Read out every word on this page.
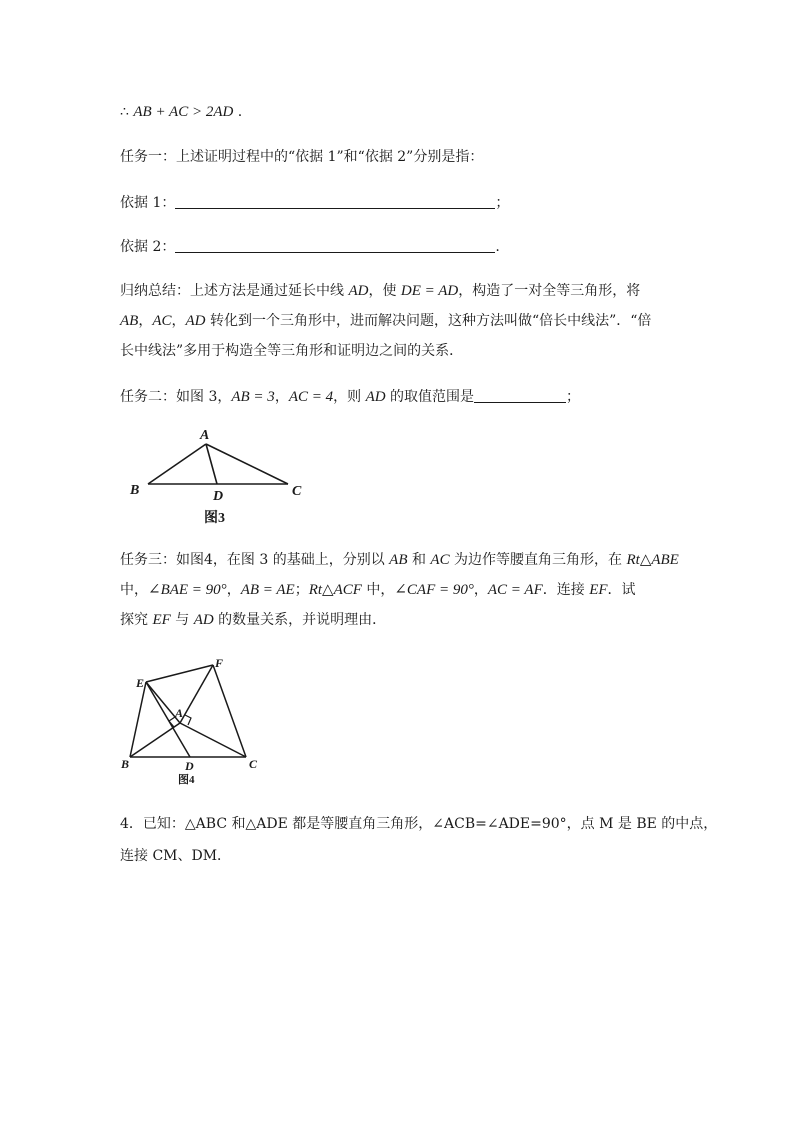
∴ AB + AC > 2AD .
任务一：上述证明过程中的“依据 1”和“依据 2”分别是指：
依据 1：	；
依据 2：	.
归纳总结：上述方法是通过延长中线 AD，使 DE = AD，构造了一对全等三角形，将
AB，AC，AD 转化到一个三角形中，进而解决问题，这种方法叫做“倍长中线法”．“倍
长中线法”多用于构造全等三角形和证明边之间的关系．
任务二：如图 3，AB = 3，AC = 4，则 AD 的取值范围是	；
A
B	D	C
图3
任务三：如图4，在图 3 的基础上，分别以 AB 和 AC 为边作等腰直角三角形，在 Rt△ABE
中，∠BAE = 90°，AB = AE；Rt△ACF 中，∠CAF = 90°，AC = AF．连接 EF．试
探究 EF 与 AD 的数量关系，并说明理由．
E
F
A
B	D	C
图4
4．已知：△ABC 和△ADE 都是等腰直角三角形，∠ACB=∠ADE=90°，点 M 是 BE 的中点，
连接 CM、DM．
